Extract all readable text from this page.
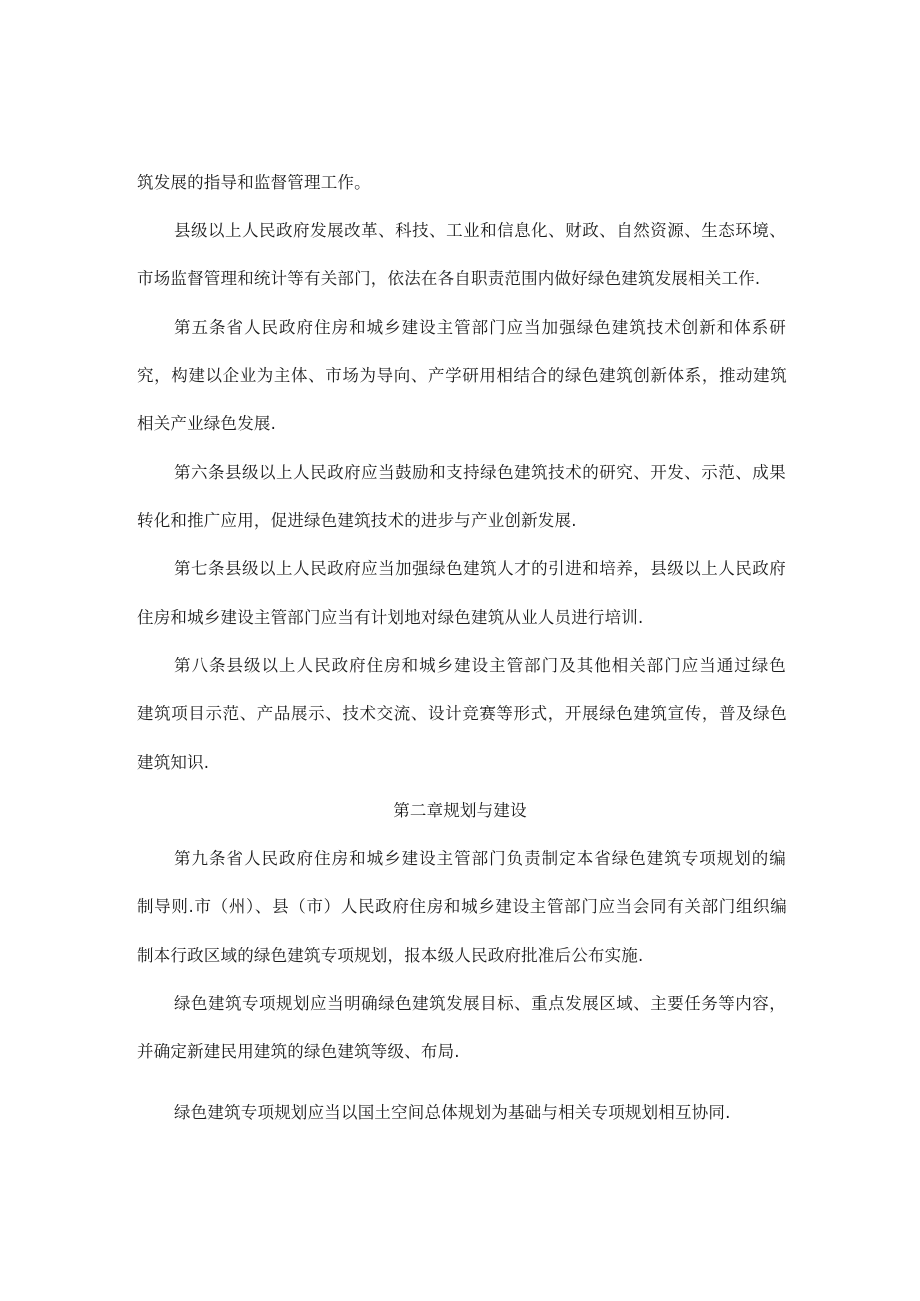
筑发展的指导和监督管理工作。
县级以上人民政府发展改革、科技、工业和信息化、财政、自然资源、生态环境、
市场监督管理和统计等有关部门，依法在各自职责范围内做好绿色建筑发展相关工作.
第五条省人民政府住房和城乡建设主管部门应当加强绿色建筑技术创新和体系研
究，构建以企业为主体、市场为导向、产学研用相结合的绿色建筑创新体系，推动建筑
相关产业绿色发展.
第六条县级以上人民政府应当鼓励和支持绿色建筑技术的研究、开发、示范、成果
转化和推广应用，促进绿色建筑技术的进步与产业创新发展.
第七条县级以上人民政府应当加强绿色建筑人才的引进和培养，县级以上人民政府
住房和城乡建设主管部门应当有计划地对绿色建筑从业人员进行培训.
第八条县级以上人民政府住房和城乡建设主管部门及其他相关部门应当通过绿色
建筑项目示范、产品展示、技术交流、设计竞赛等形式，开展绿色建筑宣传，普及绿色
建筑知识.
第二章规划与建设
第九条省人民政府住房和城乡建设主管部门负责制定本省绿色建筑专项规划的编
制导则.市（州）、县（市）人民政府住房和城乡建设主管部门应当会同有关部门组织编
制本行政区域的绿色建筑专项规划，报本级人民政府批准后公布实施.
绿色建筑专项规划应当明确绿色建筑发展目标、重点发展区域、主要任务等内容，
并确定新建民用建筑的绿色建筑等级、布局.
绿色建筑专项规划应当以国土空间总体规划为基础与相关专项规划相互协同.
